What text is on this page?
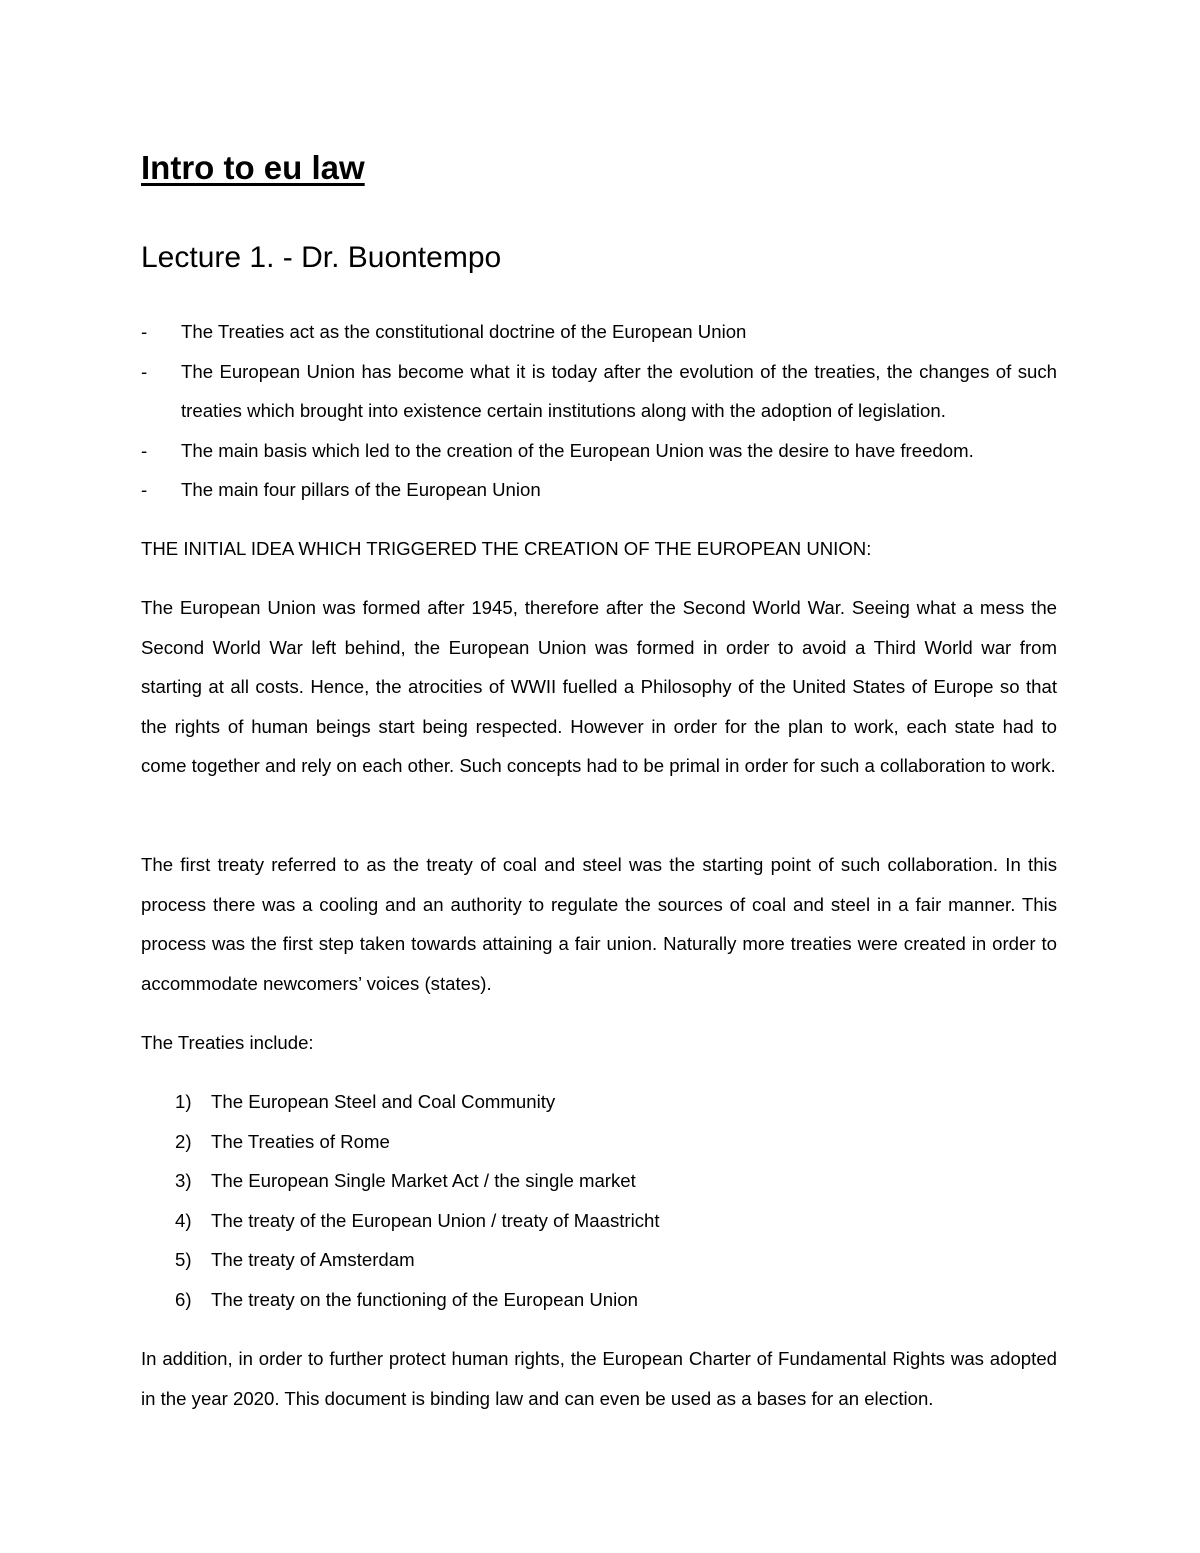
Intro to eu law
Lecture 1. - Dr. Buontempo
-	The Treaties act as the constitutional doctrine of the European Union
-	The European Union has become what it is today after the evolution of the treaties, the changes of such treaties which brought into existence certain institutions along with the adoption of legislation.
-	The main basis which led to the creation of the European Union was the desire to have freedom.
-	The main four pillars of the European Union

THE INITIAL IDEA WHICH TRIGGERED THE CREATION OF THE EUROPEAN UNION:

The European Union was formed after 1945, therefore after the Second World War. Seeing what a mess the Second World War left behind, the European Union was formed in order to avoid a Third World war from starting at all costs. Hence, the atrocities of WWII fuelled a Philosophy of the United States of Europe so that the rights of human beings start being respected. However in order for the plan to work, each state had to come together and rely on each other. Such concepts had to be primal in order for such a collaboration to work.

The first treaty referred to as the treaty of coal and steel was the starting point of such collaboration. In this process there was a cooling and an authority to regulate the sources of coal and steel in a fair manner. This process was the first step taken towards attaining a fair union. Naturally more treaties were created in order to accommodate newcomers’ voices (states).

The Treaties include:

1)	The European Steel and Coal Community
2)	The Treaties of Rome
3)	The European Single Market Act / the single market
4)	The treaty of the European Union / treaty of Maastricht
5)	The treaty of Amsterdam
6)	The treaty on the functioning of the European Union

In addition, in order to further protect human rights, the European Charter of Fundamental Rights was adopted in the year 2020. This document is binding law and can even be used as a bases for an election.
